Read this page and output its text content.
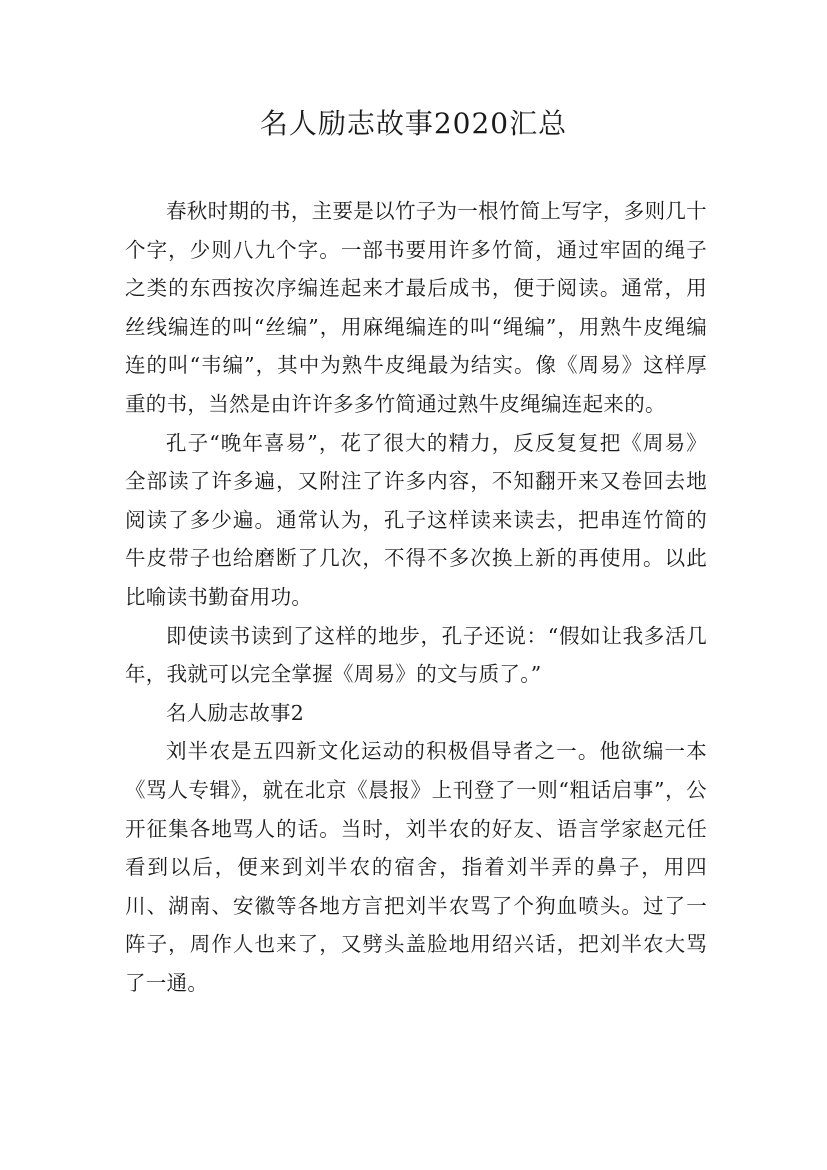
名人励志故事2020汇总

春秋时期的书，主要是以竹子为一根竹简上写字，多则几十个字，少则八九个字。一部书要用许多竹简，通过牢固的绳子之类的东西按次序编连起来才最后成书，便于阅读。通常，用丝线编连的叫“丝编”，用麻绳编连的叫“绳编”，用熟牛皮绳编连的叫“韦编”，其中为熟牛皮绳最为结实。像《周易》这样厚重的书，当然是由许许多多竹简通过熟牛皮绳编连起来的。

孔子“晚年喜易”，花了很大的精力，反反复复把《周易》全部读了许多遍，又附注了许多内容，不知翻开来又卷回去地阅读了多少遍。通常认为，孔子这样读来读去，把串连竹简的牛皮带子也给磨断了几次，不得不多次换上新的再使用。以此比喻读书勤奋用功。

即使读书读到了这样的地步，孔子还说：“假如让我多活几年，我就可以完全掌握《周易》的文与质了。”

名人励志故事2

刘半农是五四新文化运动的积极倡导者之一。他欲编一本《骂人专辑》，就在北京《晨报》上刊登了一则“粗话启事”，公开征集各地骂人的话。当时，刘半农的好友、语言学家赵元任看到以后，便来到刘半农的宿舍，指着刘半弄的鼻子，用四川、湖南、安徽等各地方言把刘半农骂了个狗血喷头。过了一阵子，周作人也来了，又劈头盖脸地用绍兴话，把刘半农大骂了一通。
